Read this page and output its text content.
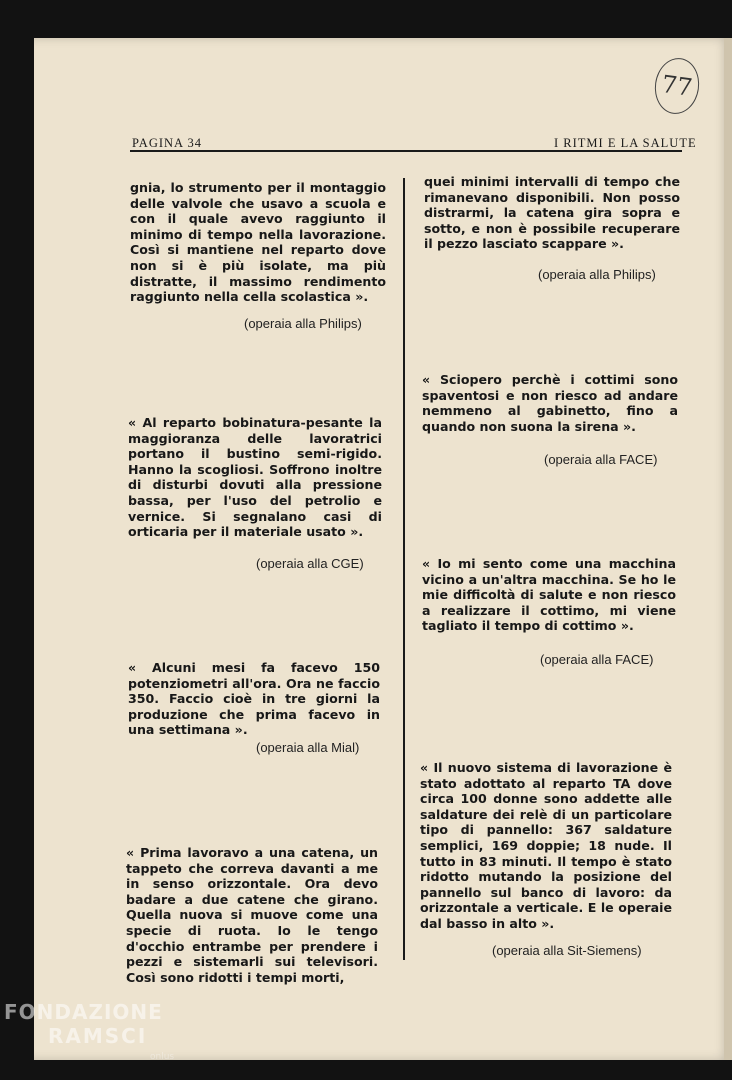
77
PAGINA 34	I RITMI E LA SALUTE

gnia, lo strumento per il montaggio delle valvole che usavo a scuola e con il quale avevo raggiunto il minimo di tempo nella lavorazione. Così si mantiene nel reparto dove non si è più isolate, ma più distratte, il massimo rendimento raggiunto nella cella scolastica ».

(operaia alla Philips)

« Al reparto bobinatura-pesante la maggioranza delle lavoratrici portano il bustino semi-rigido. Hanno la scogliosi. Soffrono inoltre di disturbi dovuti alla pressione bassa, per l'uso del petrolio e vernice. Si segnalano casi di orticaria per il materiale usato ».

(operaia alla CGE)

« Alcuni mesi fa facevo 150 potenziometri all'ora. Ora ne faccio 350. Faccio cioè in tre giorni la produzione che prima facevo in una settimana ».

(operaia alla Mial)

« Prima lavoravo a una catena, un tappeto che correva davanti a me in senso orizzontale. Ora devo badare a due catene che girano. Quella nuova si muove come una specie di ruota. Io le tengo d'occhio entrambe per prendere i pezzi e sistemarli sui televisori. Così sono ridotti i tempi morti,

quei minimi intervalli di tempo che rimanevano disponibili. Non posso distrarmi, la catena gira sopra e sotto, e non è possibile recuperare il pezzo lasciato scappare ».

(operaia alla Philips)

« Sciopero perchè i cottimi sono spaventosi e non riesco ad andare nemmeno al gabinetto, fino a quando non suona la sirena ».

(operaia alla FACE)

« Io mi sento come una macchina vicino a un'altra macchina. Se ho le mie difficoltà di salute e non riesco a realizzare il cottimo, mi viene tagliato il tempo di cottimo ».

(operaia alla FACE)

« Il nuovo sistema di lavorazione è stato adottato al reparto TA dove circa 100 donne sono addette alle saldature dei relè di un particolare tipo di pannello: 367 saldature semplici, 169 doppie; 18 nude. Il tutto in 83 minuti. Il tempo è stato ridotto mutando la posizione del pannello sul banco di lavoro: da orizzontale a verticale. E le operaie dal basso in alto ».

(operaia alla Sit-Siemens)

FONDAZIONE
RAMSCI
onlus
